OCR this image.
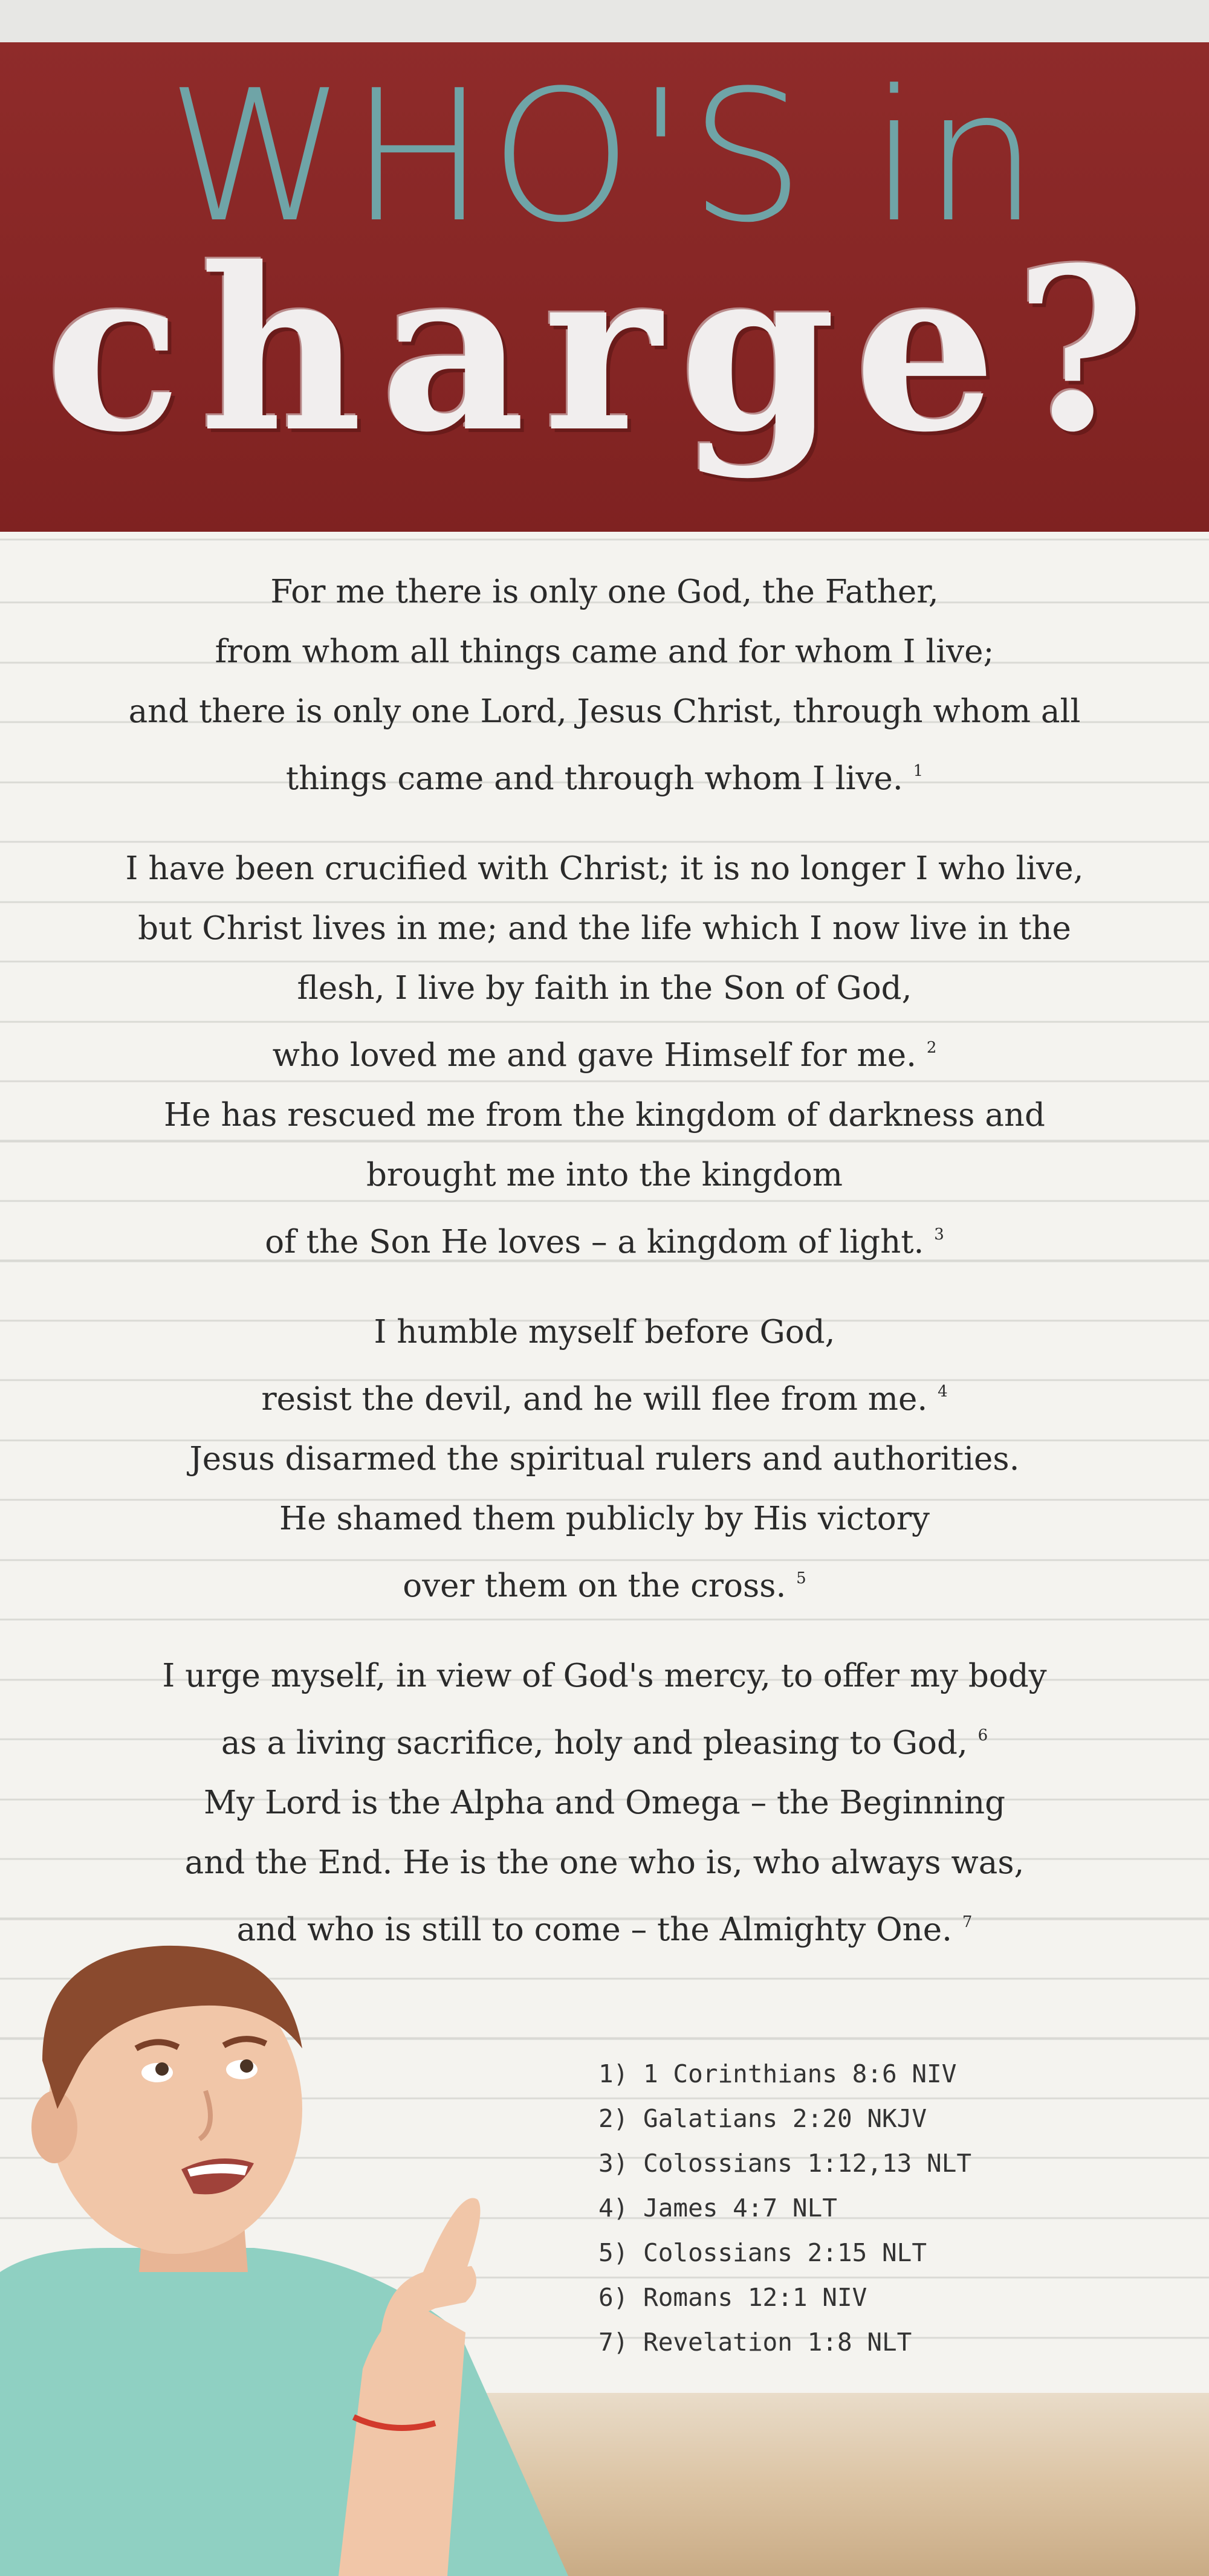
WHO'S in
charge?

For me there is only one God, the Father,

from whom all things came and for whom I live;

and there is only one Lord, Jesus Christ, through whom all

things came and through whom I live. $^1$

I have been crucified with Christ; it is no longer I who live,

but Christ lives in me; and the life which I now live in the

flesh, I live by faith in the Son of God,

who loved me and gave Himself for me. $^2$

He has rescued me from the kingdom of darkness and

brought me into the kingdom

of the Son He loves – a kingdom of light. $^3$

I humble myself before God,

resist the devil, and he will flee from me. $^4$

Jesus disarmed the spiritual rulers and authorities.

He shamed them publicly by His victory

over them on the cross. $^5$

I urge myself, in view of God's mercy, to offer my body

as a living sacrifice, holy and pleasing to God, $^6$

My Lord is the Alpha and Omega – the Beginning

and the End. He is the one who is, who always was,

and who is still to come – the Almighty One. $^7$

1) 1 Corinthians 8:6 NIV
2) Galatians 2:20 NKJV
3) Colossians 1:12,13 NLT
4) James 4:7 NLT
5) Colossians 2:15 NLT
6) Romans 12:1 NIV
7) Revelation 1:8 NLT
